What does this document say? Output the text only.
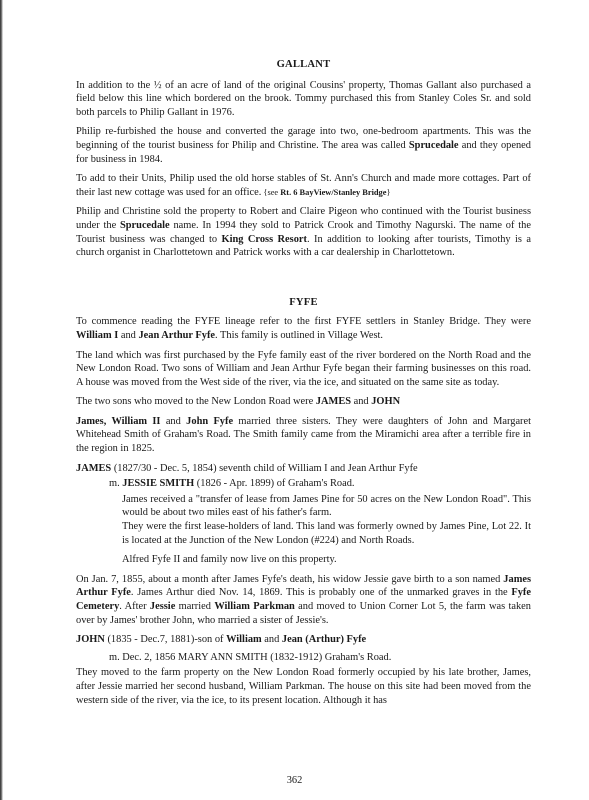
GALLANT

In addition to the ½ of an acre of land of the original Cousins' property, Thomas Gallant also purchased a field below this line which bordered on the brook. Tommy purchased this from Stanley Coles Sr. and sold both parcels to Philip Gallant in 1976.

Philip re-furbished the house and converted the garage into two, one-bedroom apartments. This was the beginning of the tourist business for Philip and Christine. The area was called Sprucedale and they opened for business in 1984.

To add to their Units, Philip used the old horse stables of St. Ann's Church and made more cottages. Part of their last new cottage was used for an office. {see Rt. 6 BayView/Stanley Bridge}

Philip and Christine sold the property to Robert and Claire Pigeon who continued with the Tourist business under the Sprucedale name. In 1994 they sold to Patrick Crook and Timothy Nagurski. The name of the Tourist business was changed to King Cross Resort. In addition to looking after tourists, Timothy is a church organist in Charlottetown and Patrick works with a car dealership in Charlottetown.

FYFE

To commence reading the FYFE lineage refer to the first FYFE settlers in Stanley Bridge. They were William I and Jean Arthur Fyfe. This family is outlined in Village West.

The land which was first purchased by the Fyfe family east of the river bordered on the North Road and the New London Road. Two sons of William and Jean Arthur Fyfe began their farming businesses on this road. A house was moved from the West side of the river, via the ice, and situated on the same site as today.

The two sons who moved to the New London Road were JAMES and JOHN

James, William II and John Fyfe married three sisters. They were daughters of John and Margaret Whitehead Smith of Graham's Road. The Smith family came from the Miramichi area after a terrible fire in the region in 1825.

JAMES (1827/30 - Dec. 5, 1854) seventh child of William I and Jean Arthur Fyfe

m. JESSIE SMITH (1826 - Apr. 1899) of Graham's Road.

James received a "transfer of lease from James Pine for 50 acres on the New London Road". This would be about two miles east of his father's farm.

They were the first lease-holders of land. This land was formerly owned by James Pine, Lot 22. It is located at the Junction of the New London (#224) and North Roads.

Alfred Fyfe II and family now live on this property.

On Jan. 7, 1855, about a month after James Fyfe's death, his widow Jessie gave birth to a son named James Arthur Fyfe. James Arthur died Nov. 14, 1869. This is probably one of the unmarked graves in the Fyfe Cemetery. After Jessie married William Parkman and moved to Union Corner Lot 5, the farm was taken over by James' brother John, who married a sister of Jessie's.

JOHN (1835 - Dec.7, 1881)-son of William and Jean (Arthur) Fyfe

m. Dec. 2, 1856 MARY ANN SMITH (1832-1912) Graham's Road.

They moved to the farm property on the New London Road formerly occupied by his late brother, James, after Jessie married her second husband, William Parkman. The house on this site had been moved from the western side of the river, via the ice, to its present location. Although it has

362
